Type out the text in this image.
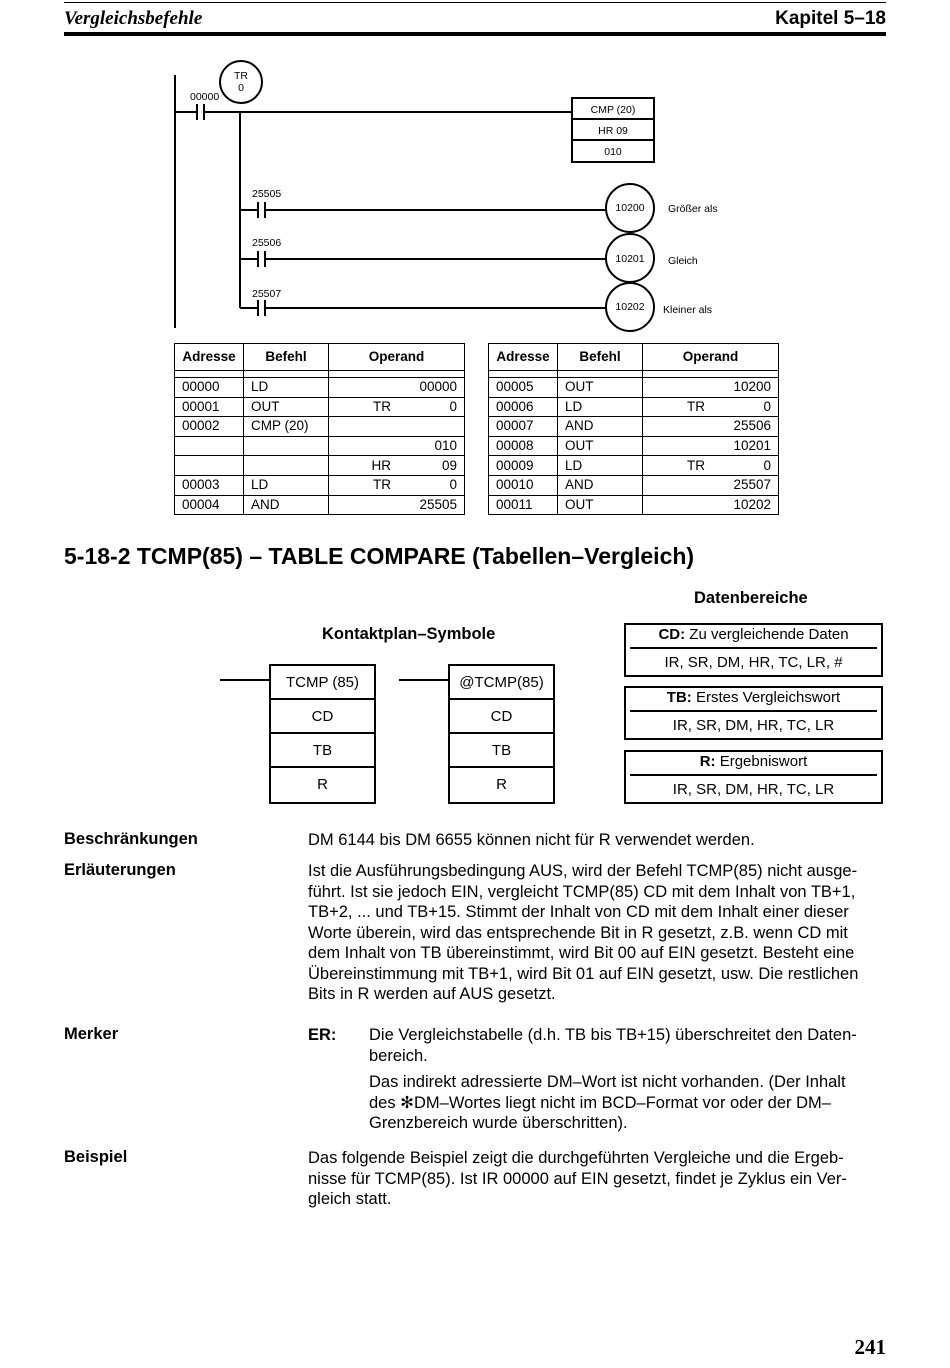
Vergleichsbefehle	Kapitel 5–18
00000
TR
0
CMP (20)
HR 09
010
25505
10200 Größer als
25506
10201 Gleich
25507
10202 Kleiner als
Adresse	Befehl	Operand	

00000	LD		00000
00001	OUT	TR	0
00002	CMP (20)		
			010
		HR	09
00003	LD	TR	0
00004	AND		25505
Adresse	Befehl	Operand	

00005	OUT		10200
00006	LD	TR	0
00007	AND		25506
00008	OUT		10201
00009	LD	TR	0
00010	AND		25507
00011	OUT		10202
5-18-2 TCMP(85) – TABLE COMPARE (Tabellen–Vergleich)
Kontaktplan–Symbole
TCMP (85)
CD
TB
R
@TCMP(85)
CD
TB
R
Datenbereiche
CD: Zu vergleichende Daten
IR, SR, DM, HR, TC, LR, #
TB: Erstes Vergleichswort
IR, SR, DM, HR, TC, LR
R: Ergebniswort
IR, SR, DM, HR, TC, LR
Beschränkungen	DM 6144 bis DM 6655 können nicht für R verwendet werden.
Erläuterungen	Ist die Ausführungsbedingung AUS, wird der Befehl TCMP(85) nicht ausge-
führt. Ist sie jedoch EIN, vergleicht TCMP(85) CD mit dem Inhalt von TB+1,
TB+2, ... und TB+15. Stimmt der Inhalt von CD mit dem Inhalt einer dieser
Worte überein, wird das entsprechende Bit in R gesetzt, z.B. wenn CD mit
dem Inhalt von TB übereinstimmt, wird Bit 00 auf EIN gesetzt. Besteht eine
Übereinstimmung mit TB+1, wird Bit 01 auf EIN gesetzt, usw. Die restlichen
Bits in R werden auf AUS gesetzt.
Merker	ER: Die Vergleichstabelle (d.h. TB bis TB+15) überschreitet den Daten-
bereich.
Das indirekt adressierte DM–Wort ist nicht vorhanden. (Der Inhalt
des ✻DM–Wortes liegt nicht im BCD–Format vor oder der DM–
Grenzbereich wurde überschritten).
Beispiel	Das folgende Beispiel zeigt die durchgeführten Vergleiche und die Ergeb-
nisse für TCMP(85). Ist IR 00000 auf EIN gesetzt, findet je Zyklus ein Ver-
gleich statt.
241
